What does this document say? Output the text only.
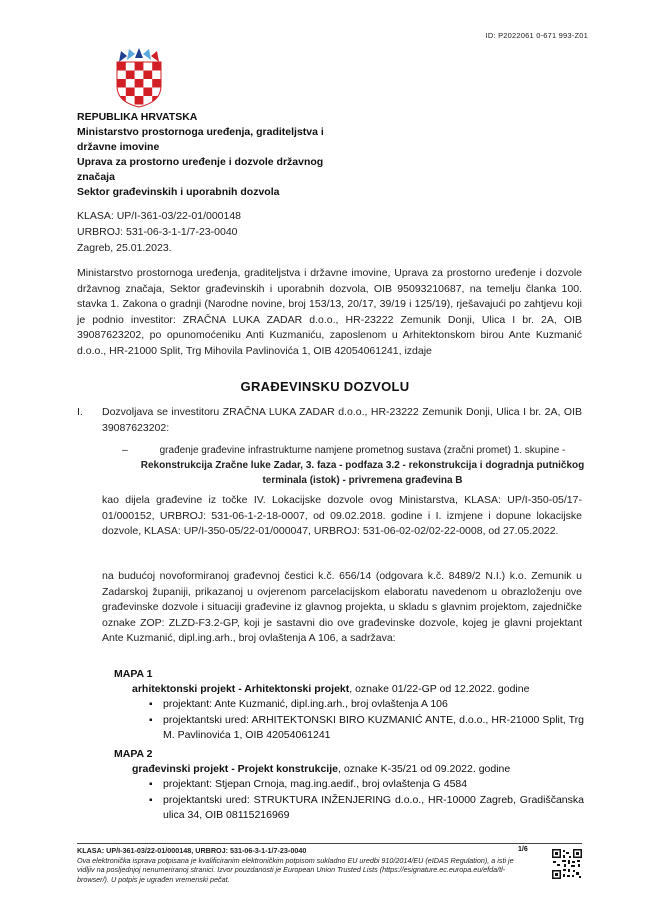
ID: P2022061 0-671 993-Z01
REPUBLIKA HRVATSKA
Ministarstvo prostornoga uređenja, graditeljstva i
državne imovine
Uprava za prostorno uređenje i dozvole državnog
značaja
Sektor građevinskih i uporabnih dozvola
KLASA: UP/I-361-03/22-01/000148
URBROJ: 531-06-3-1-1/7-23-0040
Zagreb, 25.01.2023.
Ministarstvo prostornoga uređenja, graditeljstva i državne imovine, Uprava za prostorno uređenje i dozvole državnog značaja, Sektor građevinskih i uporabnih dozvola, OIB 95093210687, na temelju članka 100. stavka 1. Zakona o gradnji (Narodne novine, broj 153/13, 20/17, 39/19 i 125/19), rješavajući po zahtjevu koji je podnio investitor: ZRAČNA LUKA ZADAR d.o.o., HR-23222 Zemunik Donji, Ulica I br. 2A, OIB 39087623202, po opunomoćeniku Anti Kuzmaniću, zaposlenom u Arhitektonskom birou Ante Kuzmanić d.o.o., HR-21000 Split, Trg Mihovila Pavlinovića 1, OIB 42054061241, izdaje
GRAĐEVINSKU DOZVOLU
I. Dozvoljava se investitoru ZRAČNA LUKA ZADAR d.o.o., HR-23222 Zemunik Donji, Ulica I br. 2A, OIB 39087623202:
–	građenje građevine infrastrukturne namjene prometnog sustava (zračni promet) 1. skupine - Rekonstrukcija Zračne luke Zadar, 3. faza - podfaza 3.2 - rekonstrukcija i dogradnja putničkog terminala (istok) - privremena građevina B
kao dijela građevine iz točke IV. Lokacijske dozvole ovog Ministarstva, KLASA: UP/I-350-05/17-01/000152, URBROJ: 531-06-1-2-18-0007, od 09.02.2018. godine i I. izmjene i dopune lokacijske dozvole, KLASA: UP/I-350-05/22-01/000047, URBROJ: 531-06-02-02/02-22-0008, od 27.05.2022.
na budućoj novoformiranoj građevnoj čestici k.č. 656/14 (odgovara k.č. 8489/2 N.I.) k.o. Zemunik u Zadarskoj županiji, prikazanoj u ovjerenom parcelacijskom elaboratu navedenom u obrazloženju ove građevinske dozvole i situaciji građevine iz glavnog projekta, u skladu s glavnim projektom, zajedničke oznake ZOP: ZLZD-F3.2-GP, koji je sastavni dio ove građevinske dozvole, kojeg je glavni projektant Ante Kuzmanić, dipl.ing.arh., broj ovlaštenja A 106, a sadržava:
MAPA 1
arhitektonski projekt - Arhitektonski projekt, oznake 01/22-GP od 12.2022. godine
▪ projektant: Ante Kuzmanić, dipl.ing.arh., broj ovlaštenja A 106
▪ projektantski ured: ARHITEKTONSKI BIRO KUZMANIĆ ANTE, d.o.o., HR-21000 Split, Trg M. Pavlinovića 1, OIB 42054061241
MAPA 2
građevinski projekt - Projekt konstrukcije, oznake K-35/21 od 09.2022. godine
▪ projektant: Stjepan Crnoja, mag.ing.aedif., broj ovlaštenja G 4584
▪ projektantski ured: STRUKTURA INŽENJERING d.o.o., HR-10000 Zagreb, Gradiščanska ulica 34, OIB 08115216969
KLASA: UP/I-361-03/22-01/000148, URBROJ: 531-06-3-1-1/7-23-0040
Ova elektronička isprava potpisana je kvalificiranim elektroničkim potpisom sukladno EU uredbi 910/2014/EU (eIDAS Regulation), a isti je vidljiv na posljednjoj nenumeriranoj stranici. Izvor pouzdanosti je European Union Trusted Lists (https://esignature.ec.europa.eu/efda/tl-browser/). U potpis je ugrađen vremenski pečat.
1/6
